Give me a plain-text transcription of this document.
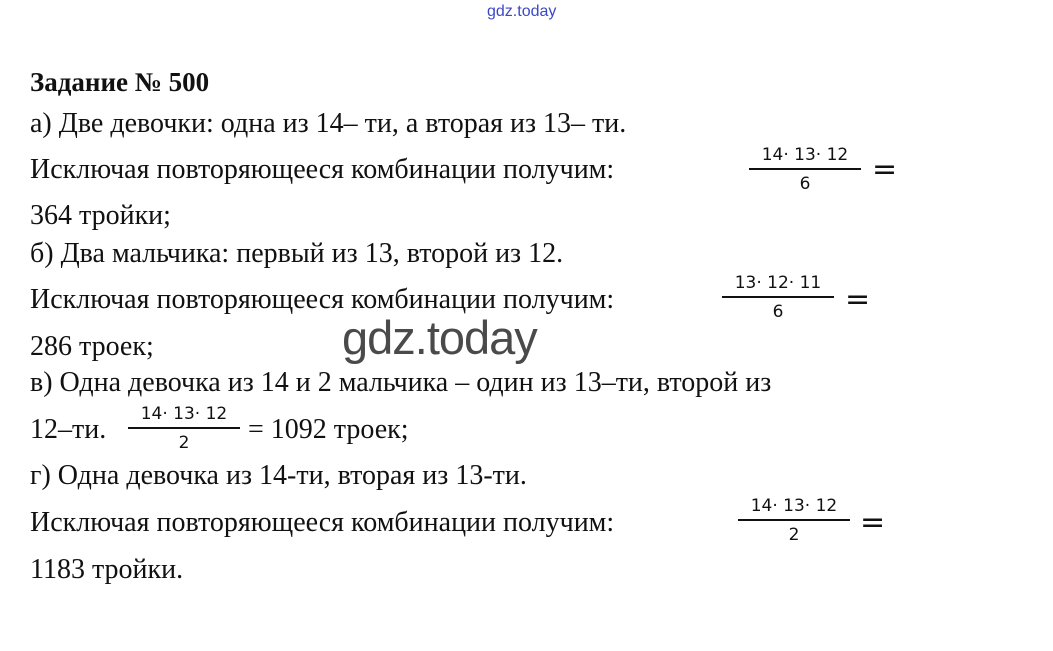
gdz.today
gdz.today
Задание № 500
а) Две девочки: одна из 14– ти, а вторая из 13– ти.
Исключая повторяющееся комбинации получим:	$\frac{14\cdot 13\cdot 12}{6}$ =
364 тройки;
б) Два мальчика: первый из 13, второй из 12.
Исключая повторяющееся комбинации получим:	$\frac{13\cdot 12\cdot 11}{6}$ =
286 троек;
в) Одна девочка из 14 и 2 мальчика – один из 13–ти, второй из
12–ти. $\frac{14\cdot 13\cdot 12}{2} = 1092$ троек;
г) Одна девочка из 14-ти, вторая из 13-ти.
Исключая повторяющееся комбинации получим:	$\frac{14\cdot 13\cdot 12}{2}$ =
1183 тройки.
